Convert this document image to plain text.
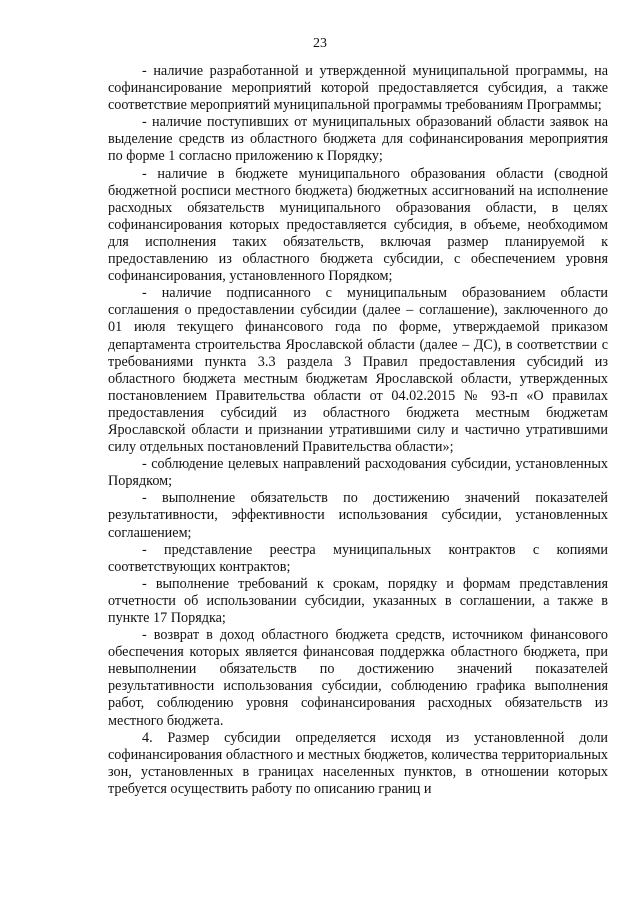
23

- наличие разработанной и утвержденной муниципальной программы, на софинансирование мероприятий которой предоставляется субсидия, а также соответствие мероприятий муниципальной программы требованиям Программы;

- наличие поступивших от муниципальных образований области заявок на выделение средств из областного бюджета для софинансирования мероприятия по форме 1 согласно приложению к Порядку;

- наличие в бюджете муниципального образования области (сводной бюджетной росписи местного бюджета) бюджетных ассигнований на исполнение расходных обязательств муниципального образования области, в целях софинансирования которых предоставляется субсидия, в объеме, необходимом для исполнения таких обязательств, включая размер планируемой к предоставлению из областного бюджета субсидии, с обеспечением уровня софинансирования, установленного Порядком;

- наличие подписанного с муниципальным образованием области соглашения о предоставлении субсидии (далее – соглашение), заключенного до 01 июля текущего финансового года по форме, утверждаемой приказом департамента строительства Ярославской области (далее – ДС), в соответствии с требованиями пункта 3.3 раздела 3 Правил предоставления субсидий из областного бюджета местным бюджетам Ярославской области, утвержденных постановлением Правительства области от 04.02.2015 № 93-п «О правилах предоставления субсидий из областного бюджета местным бюджетам Ярославской области и признании утратившими силу и частично утратившими силу отдельных постановлений Правительства области»;

- соблюдение целевых направлений расходования субсидии, установленных Порядком;

- выполнение обязательств по достижению значений показателей результативности, эффективности использования субсидии, установленных соглашением;

- представление реестра муниципальных контрактов с копиями соответствующих контрактов;

- выполнение требований к срокам, порядку и формам представления отчетности об использовании субсидии, указанных в соглашении, а также в пункте 17 Порядка;

- возврат в доход областного бюджета средств, источником финансового обеспечения которых является финансовая поддержка областного бюджета, при невыполнении обязательств по достижению значений показателей результативности использования субсидии, соблюдению графика выполнения работ, соблюдению уровня софинансирования расходных обязательств из местного бюджета.

4. Размер субсидии определяется исходя из установленной доли софинансирования областного и местных бюджетов, количества территориальных зон, установленных в границах населенных пунктов, в отношении которых требуется осуществить работу по описанию границ и
